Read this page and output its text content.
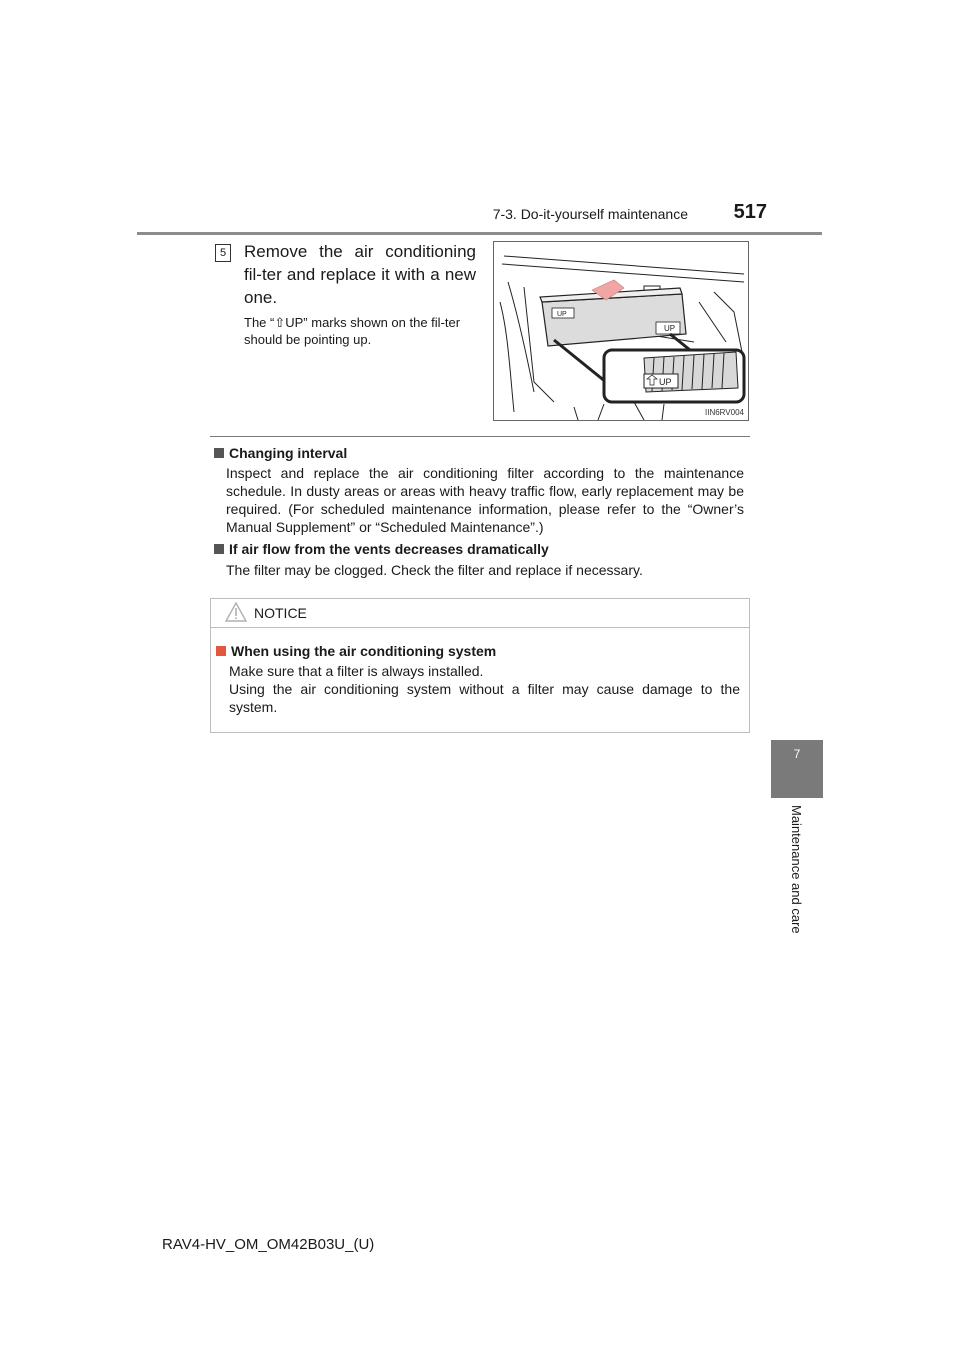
7-3. Do-it-yourself maintenance	517
5 Remove the air conditioning fil-ter and replace it with a new one.
The “⇧UP” marks shown on the fil-ter should be pointing up.
UP
UP
UP
IIN6RV004
Changing interval
Inspect and replace the air conditioning filter according to the maintenance schedule. In dusty areas or areas with heavy traffic flow, early replacement may be required. (For scheduled maintenance information, please refer to the “Owner’s Manual Supplement” or “Scheduled Maintenance”.)
If air flow from the vents decreases dramatically
The filter may be clogged. Check the filter and replace if necessary.
NOTICE
When using the air conditioning system
Make sure that a filter is always installed.
Using the air conditioning system without a filter may cause damage to the system.
7
Maintenance and care
RAV4-HV_OM_OM42B03U_(U)
